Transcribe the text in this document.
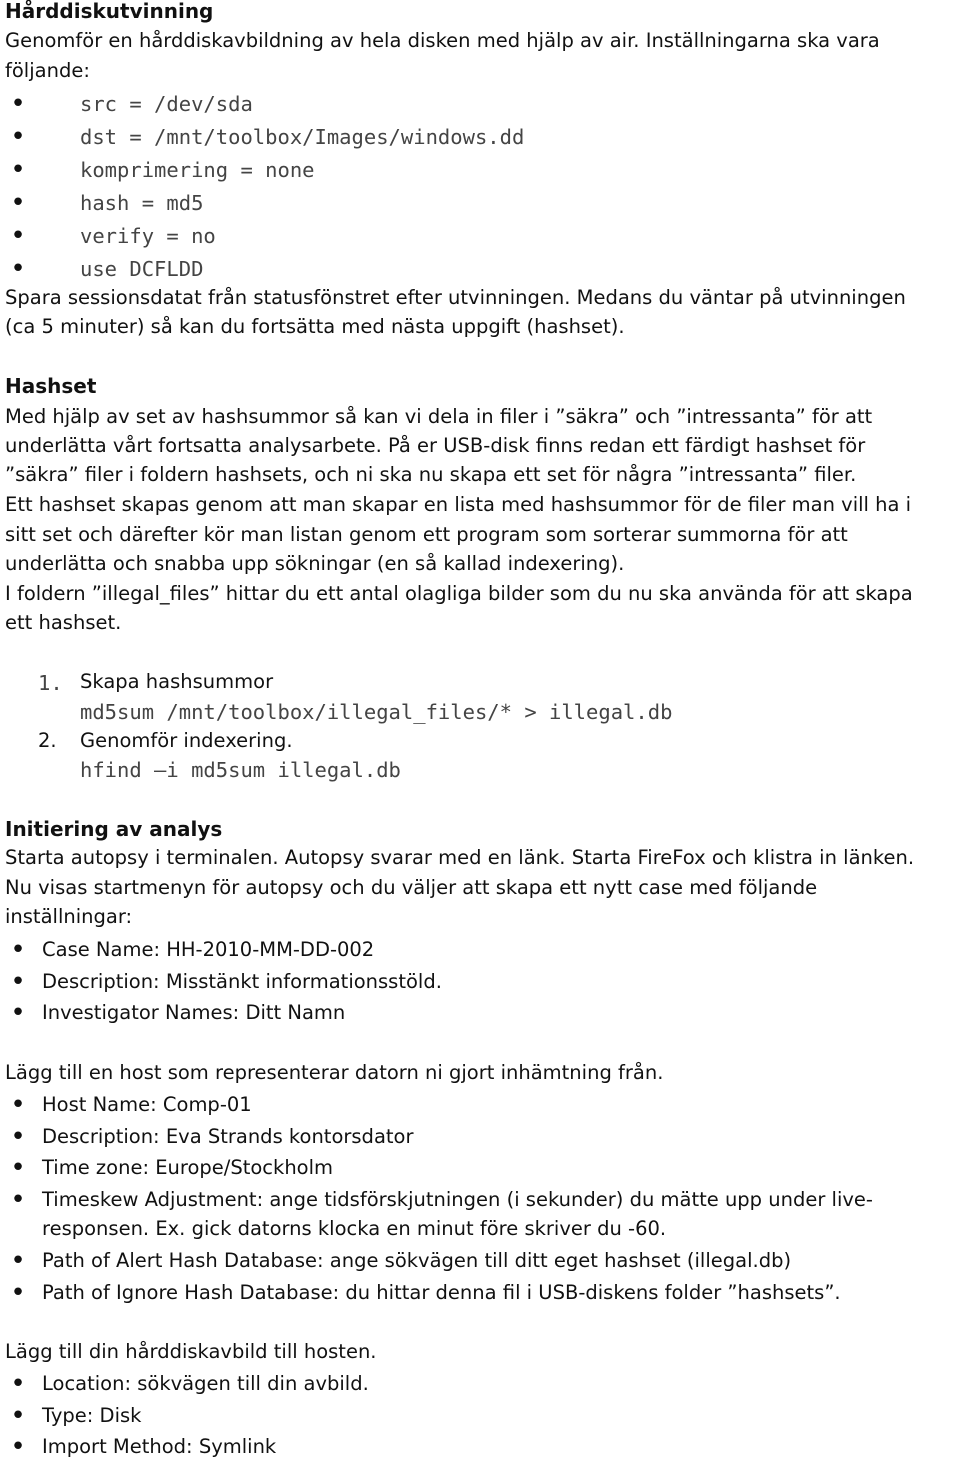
Hårddiskutvinning
Genomför en hårddiskavbildning av hela disken med hjälp av air. Inställningarna ska vara
följande:
•	src = /dev/sda
•	dst = /mnt/toolbox/Images/windows.dd
•	komprimering = none
•	hash = md5
•	verify = no
•	use DCFLDD
Spara sessionsdatat från statusfönstret efter utvinningen. Medans du väntar på utvinningen
(ca 5 minuter) så kan du fortsätta med nästa uppgift (hashset).
Hashset
Med hjälp av set av hashsummor så kan vi dela in filer i ”säkra” och ”intressanta” för att
underlätta vårt fortsatta analysarbete. På er USB-disk finns redan ett färdigt hashset för
”säkra” filer i foldern hashsets, och ni ska nu skapa ett set för några ”intressanta” filer.
Ett hashset skapas genom att man skapar en lista med hashsummor för de filer man vill ha i
sitt set och därefter kör man listan genom ett program som sorterar summorna för att
underlätta och snabba upp sökningar (en så kallad indexering).
I foldern ”illegal_files” hittar du ett antal olagliga bilder som du nu ska använda för att skapa
ett hashset.
1. Skapa hashsummor
md5sum /mnt/toolbox/illegal_files/* > illegal.db
2. Genomför indexering.
hfind –i md5sum illegal.db
Initiering av analys
Starta autopsy i terminalen. Autopsy svarar med en länk. Starta FireFox och klistra in länken.
Nu visas startmenyn för autopsy och du väljer att skapa ett nytt case med följande
inställningar:
• Case Name: HH-2010-MM-DD-002
• Description: Misstänkt informationsstöld.
• Investigator Names: Ditt Namn
Lägg till en host som representerar datorn ni gjort inhämtning från.
• Host Name: Comp-01
• Description: Eva Strands kontorsdator
• Time zone: Europe/Stockholm
• Timeskew Adjustment: ange tidsförskjutningen (i sekunder) du mätte upp under live-
responsen. Ex. gick datorns klocka en minut före skriver du -60.
• Path of Alert Hash Database: ange sökvägen till ditt eget hashset (illegal.db)
• Path of Ignore Hash Database: du hittar denna fil i USB-diskens folder ”hashsets”.
Lägg till din hårddiskavbild till hosten.
• Location: sökvägen till din avbild.
• Type: Disk
• Import Method: Symlink
